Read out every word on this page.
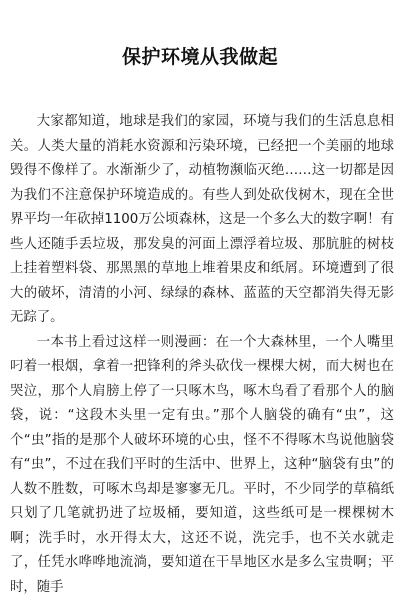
保护环境从我做起

大家都知道，地球是我们的家园，环境与我们的生活息息相关。人类大量的消耗水资源和污染环境，已经把一个美丽的地球毁得不像样了。水渐渐少了，动植物濒临灭绝……这一切都是因为我们不注意保护环境造成的。有些人到处砍伐树木，现在全世界平均一年砍掉1100万公顷森林，这是一个多么大的数字啊！有些人还随手丢垃圾，那发臭的河面上漂浮着垃圾、那肮脏的树枝上挂着塑料袋、那黑黑的草地上堆着果皮和纸屑。环境遭到了很大的破坏，清清的小河、绿绿的森林、蓝蓝的天空都消失得无影无踪了。

一本书上看过这样一则漫画：在一个大森林里，一个人嘴里叼着一根烟，拿着一把锋利的斧头砍伐一棵棵大树，而大树也在哭泣，那个人肩膀上停了一只啄木鸟，啄木鸟看了看那个人的脑袋，说：“这段木头里一定有虫。”那个人脑袋的确有“虫”，这个“虫”指的是那个人破坏环境的心虫，怪不不得啄木鸟说他脑袋有“虫”，不过在我们平时的生活中、世界上，这种“脑袋有虫”的人数不胜数，可啄木鸟却是寥寥无几。平时，不少同学的草稿纸只划了几笔就扔进了垃圾桶，要知道，这些纸可是一棵棵树木啊；洗手时，水开得太大，这还不说，洗完手，也不关水就走了，任凭水哗哗地流淌，要知道在干旱地区水是多么宝贵啊；平时，随手
